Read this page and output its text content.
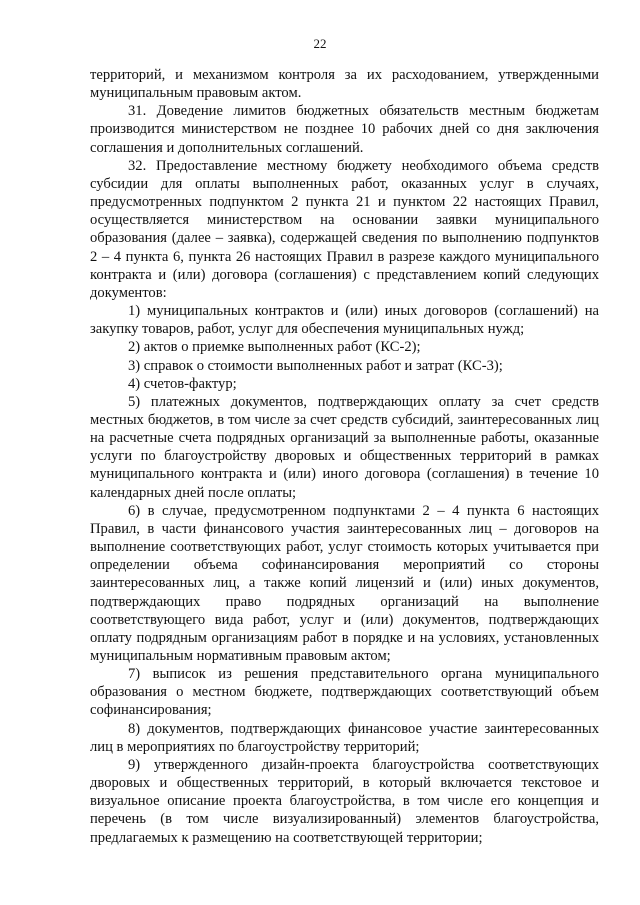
22

территорий, и механизмом контроля за их расходованием, утвержденными муниципальным правовым актом.

31. Доведение лимитов бюджетных обязательств местным бюджетам производится министерством не позднее 10 рабочих дней со дня заключения соглашения и дополнительных соглашений.

32. Предоставление местному бюджету необходимого объема средств субсидии для оплаты выполненных работ, оказанных услуг в случаях, предусмотренных подпунктом 2 пункта 21 и пунктом 22 настоящих Правил, осуществляется министерством на основании заявки муниципального образования (далее – заявка), содержащей сведения по выполнению подпунктов 2 – 4 пункта 6, пункта 26 настоящих Правил в разрезе каждого муниципального контракта и (или) договора (соглашения) с представлением копий следующих документов:

1) муниципальных контрактов и (или) иных договоров (соглашений) на закупку товаров, работ, услуг для обеспечения муниципальных нужд;

2) актов о приемке выполненных работ (КС-2);

3) справок о стоимости выполненных работ и затрат (КС-3);

4) счетов-фактур;

5) платежных документов, подтверждающих оплату за счет средств местных бюджетов, в том числе за счет средств субсидий, заинтересованных лиц на расчетные счета подрядных организаций за выполненные работы, оказанные услуги по благоустройству дворовых и общественных территорий в рамках муниципального контракта и (или) иного договора (соглашения) в течение 10 календарных дней после оплаты;

6) в случае, предусмотренном подпунктами 2 – 4 пункта 6 настоящих Правил, в части финансового участия заинтересованных лиц – договоров на выполнение соответствующих работ, услуг стоимость которых учитывается при определении объема софинансирования мероприятий со стороны заинтересованных лиц, а также копий лицензий и (или) иных документов, подтверждающих право подрядных организаций на выполнение соответствующего вида работ, услуг и (или) документов, подтверждающих оплату подрядным организациям работ в порядке и на условиях, установленных муниципальным нормативным правовым актом;

7) выписок из решения представительного органа муниципального образования о местном бюджете, подтверждающих соответствующий объем софинансирования;

8) документов, подтверждающих финансовое участие заинтересованных лиц в мероприятиях по благоустройству территорий;

9) утвержденного дизайн-проекта благоустройства соответствующих дворовых и общественных территорий, в который включается текстовое и визуальное описание проекта благоустройства, в том числе его концепция и перечень (в том числе визуализированный) элементов благоустройства, предлагаемых к размещению на соответствующей территории;
